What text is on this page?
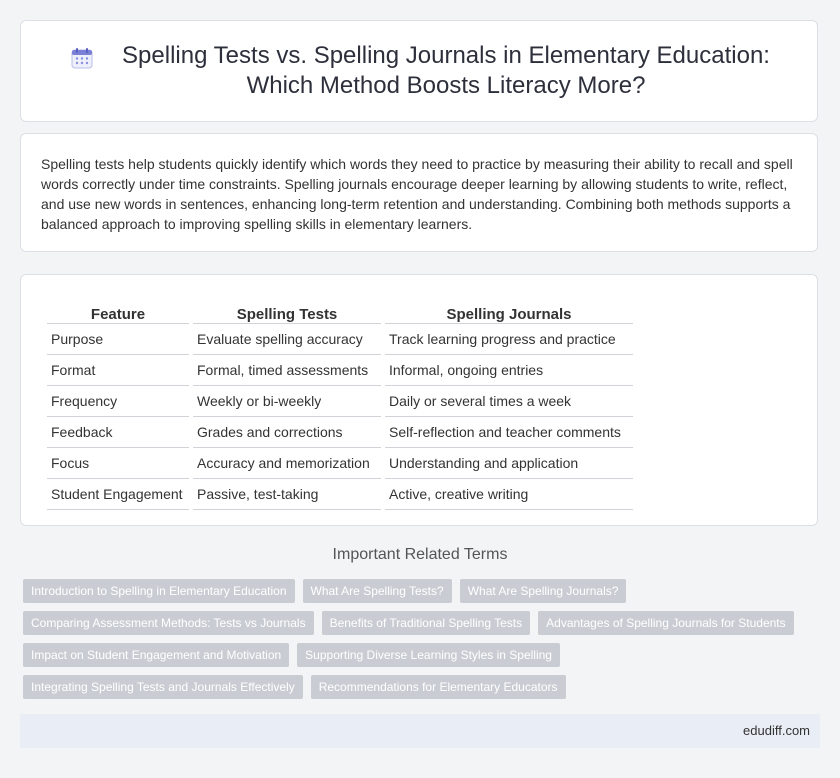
Spelling Tests vs. Spelling Journals in Elementary Education: Which Method Boosts Literacy More?

Spelling tests help students quickly identify which words they need to practice by measuring their ability to recall and spell words correctly under time constraints. Spelling journals encourage deeper learning by allowing students to write, reflect, and use new words in sentences, enhancing long-term retention and understanding. Combining both methods supports a balanced approach to improving spelling skills in elementary learners.

Feature	Spelling Tests	Spelling Journals
Purpose	Evaluate spelling accuracy	Track learning progress and practice
Format	Formal, timed assessments	Informal, ongoing entries
Frequency	Weekly or bi-weekly	Daily or several times a week
Feedback	Grades and corrections	Self-reflection and teacher comments
Focus	Accuracy and memorization	Understanding and application
Student Engagement	Passive, test-taking	Active, creative writing
Important Related Terms
Introduction to Spelling in Elementary Education	What Are Spelling Tests?	What Are Spelling Journals?
Comparing Assessment Methods: Tests vs Journals	Benefits of Traditional Spelling Tests	Advantages of Spelling Journals for Students
Impact on Student Engagement and Motivation	Supporting Diverse Learning Styles in Spelling
Integrating Spelling Tests and Journals Effectively	Recommendations for Elementary Educators
edudiff.com
